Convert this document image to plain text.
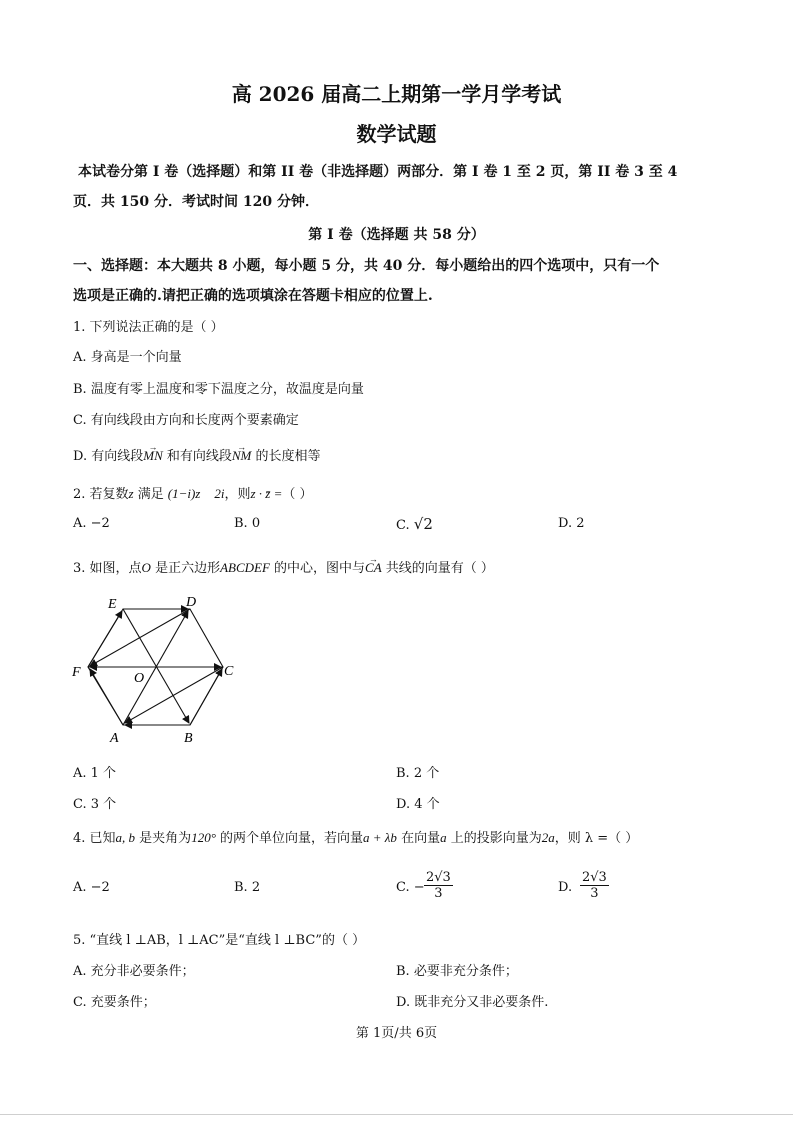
高 2026 届高二上期第一学月学考试
数学试题
本试卷分第 I 卷（选择题）和第 II 卷（非选择题）两部分．第 I 卷 1 至 2 页，第 II 卷 3 至 4
页．共 150 分．考试时间 120 分钟．
第 I 卷（选择题 共 58 分）
一、选择题：本大题共 8 小题，每小题 5 分，共 40 分．每小题给出的四个选项中，只有一个
选项是正确的.请把正确的选项填涂在答题卡相应的位置上.
1. 下列说法正确的是（ ）
A. 身高是一个向量
B. 温度有零上温度和零下温度之分，故温度是向量
C. 有向线段由方向和长度两个要素确定
D. 有向线段→ MN 和有向线段→ NM 的长度相等
2. 若复数z 满足 (1−i)z 2i，则z · z̄ =（ ）
A. −2	B. 0	C. √2	D. 2
3. 如图，点O 是正六边形ABCDEF 的中心，图中与→ CA 共线的向量有（ ）
E	D
F	C
O
A	B
A. 1 个	B. 2 个
C. 3 个	D. 4 个
4. 已知a, b 是夹角为120° 的两个单位向量，若向量a + λb 在向量a 上的投影向量为2a，则 λ =（ ）
A. −2	B. 2	C. − $\frac{2√3}{3}$	D. $\frac{2√3}{3}$
5. “直线 l ⊥AB，l ⊥AC”是“直线 l ⊥BC”的（ ）
A. 充分非必要条件；	B. 必要非充分条件；
C. 充要条件；	D. 既非充分又非必要条件.
第 1页/共 6页
